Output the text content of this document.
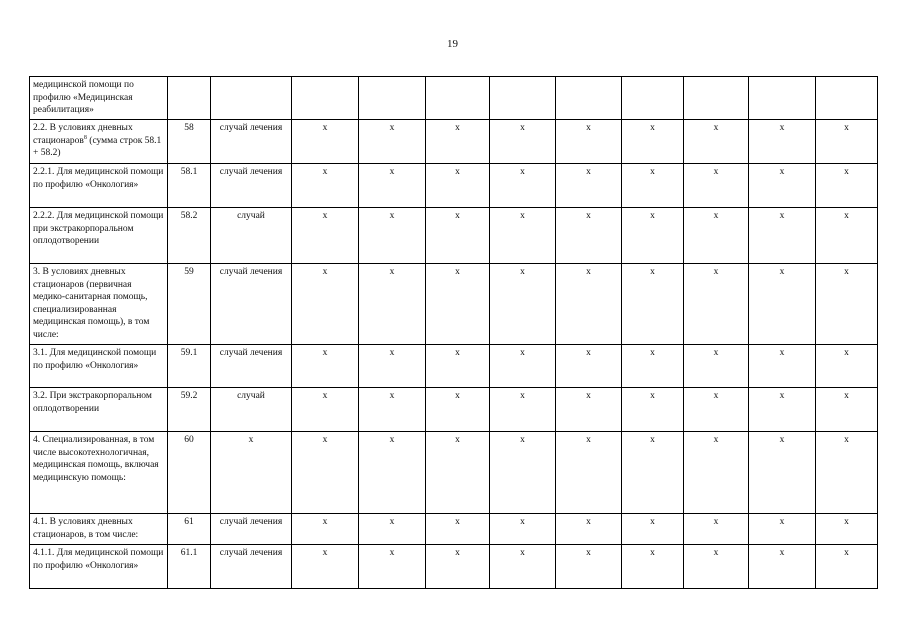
19
медицинской помощи по профилю «Медицинская реабилитация»											
2.2. В условиях дневных стационаров$^8$ (сумма строк 58.1 + 58.2)	58	случай лечения	x	x	x	x	x	x	x	x	x
2.2.1. Для медицинской помощи по профилю «Онкология»	58.1	случай лечения	x	x	x	x	x	x	x	x	x
2.2.2. Для медицинской помощи при экстракорпоральном оплодотворении	58.2	случай	x	x	x	x	x	x	x	x	x
3. В условиях дневных стационаров (первичная медико-санитарная помощь, специализированная медицинская помощь), в том числе:	59	случай лечения	x	x	x	x	x	x	x	x	x
3.1. Для медицинской помощи по профилю «Онкология»	59.1	случай лечения	x	x	x	x	x	x	x	x	x
3.2. При экстракорпоральном оплодотворении	59.2	случай	x	x	x	x	x	x	x	x	x
4. Специализированная, в том числе высокотехнологичная, медицинская помощь, включая медицинскую помощь:	60	x	x	x	x	x	x	x	x	x	x
4.1. В условиях дневных стационаров, в том числе:	61	случай лечения	x	x	x	x	x	x	x	x	x
4.1.1. Для медицинской помощи по профилю «Онкология»	61.1	случай лечения	x	x	x	x	x	x	x	x	x
